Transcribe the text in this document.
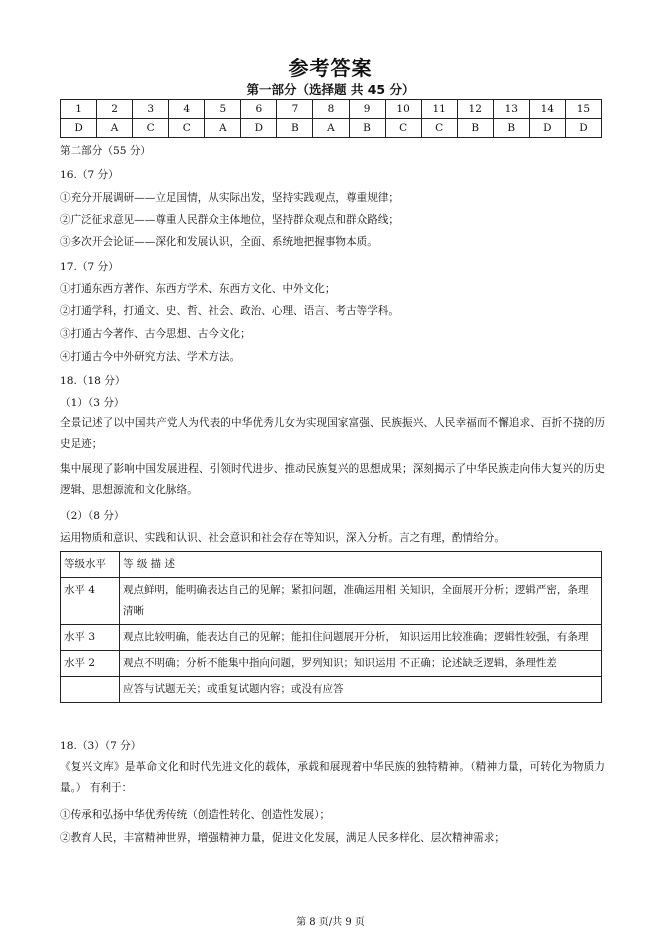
参考答案
第一部分（选择题 共 45 分）
1	2	3	4	5	6	7	8	9	10	11	12	13	14	15
D	A	C	C	A	D	B	A	B	C	C	B	B	D	D
第二部分（55 分）
16.（7 分）
①充分开展调研——立足国情，从实际出发，坚持实践观点，尊重规律；
②广泛征求意见——尊重人民群众主体地位，坚持群众观点和群众路线；
③多次开会论证——深化和发展认识，全面、系统地把握事物本质。
17.（7 分）
①打通东西方著作、东西方学术、东西方文化、中外文化；
②打通学科，打通文、史、哲、社会、政治、心理、语言、考古等学科。
③打通古今著作、古今思想、古今文化；
④打通古今中外研究方法、学术方法。
18.（18 分）
（1）（3 分）
全景记述了以中国共产党人为代表的中华优秀儿女为实现国家富强、民族振兴、人民幸福而不懈追求、百折不挠的历史足迹；
集中展现了影响中国发展进程、引领时代进步、推动民族复兴的思想成果；深刻揭示了中华民族走向伟大复兴的历史逻辑、思想源流和文化脉络。
（2）（8 分）
运用物质和意识、实践和认识、社会意识和社会存在等知识，深入分析。言之有理，酌情给分。
等级水平	等 级 描 述
水平 4	观点鲜明，能明确表达自己的见解；紧扣问题，准确运用相 关知识，全面展开分析；逻辑严密，条理清晰
水平 3	观点比较明确，能表达自己的见解；能扣住问题展开分析， 知识运用比较准确；逻辑性较强，有条理
水平 2	观点不明确；分析不能集中指向问题，罗列知识；知识运用 不正确；论述缺乏逻辑，条理性差
	应答与试题无关；或重复试题内容；或没有应答
18.（3）（7 分）
《复兴文库》是革命文化和时代先进文化的载体，承载和展现着中华民族的独特精神。（精神力量，可转化为物质力量。） 有利于：
①传承和弘扬中华优秀传统（创造性转化、创造性发展）；
②教育人民，丰富精神世界，增强精神力量，促进文化发展，满足人民多样化、层次精神需求；
第 8 页/共 9 页
